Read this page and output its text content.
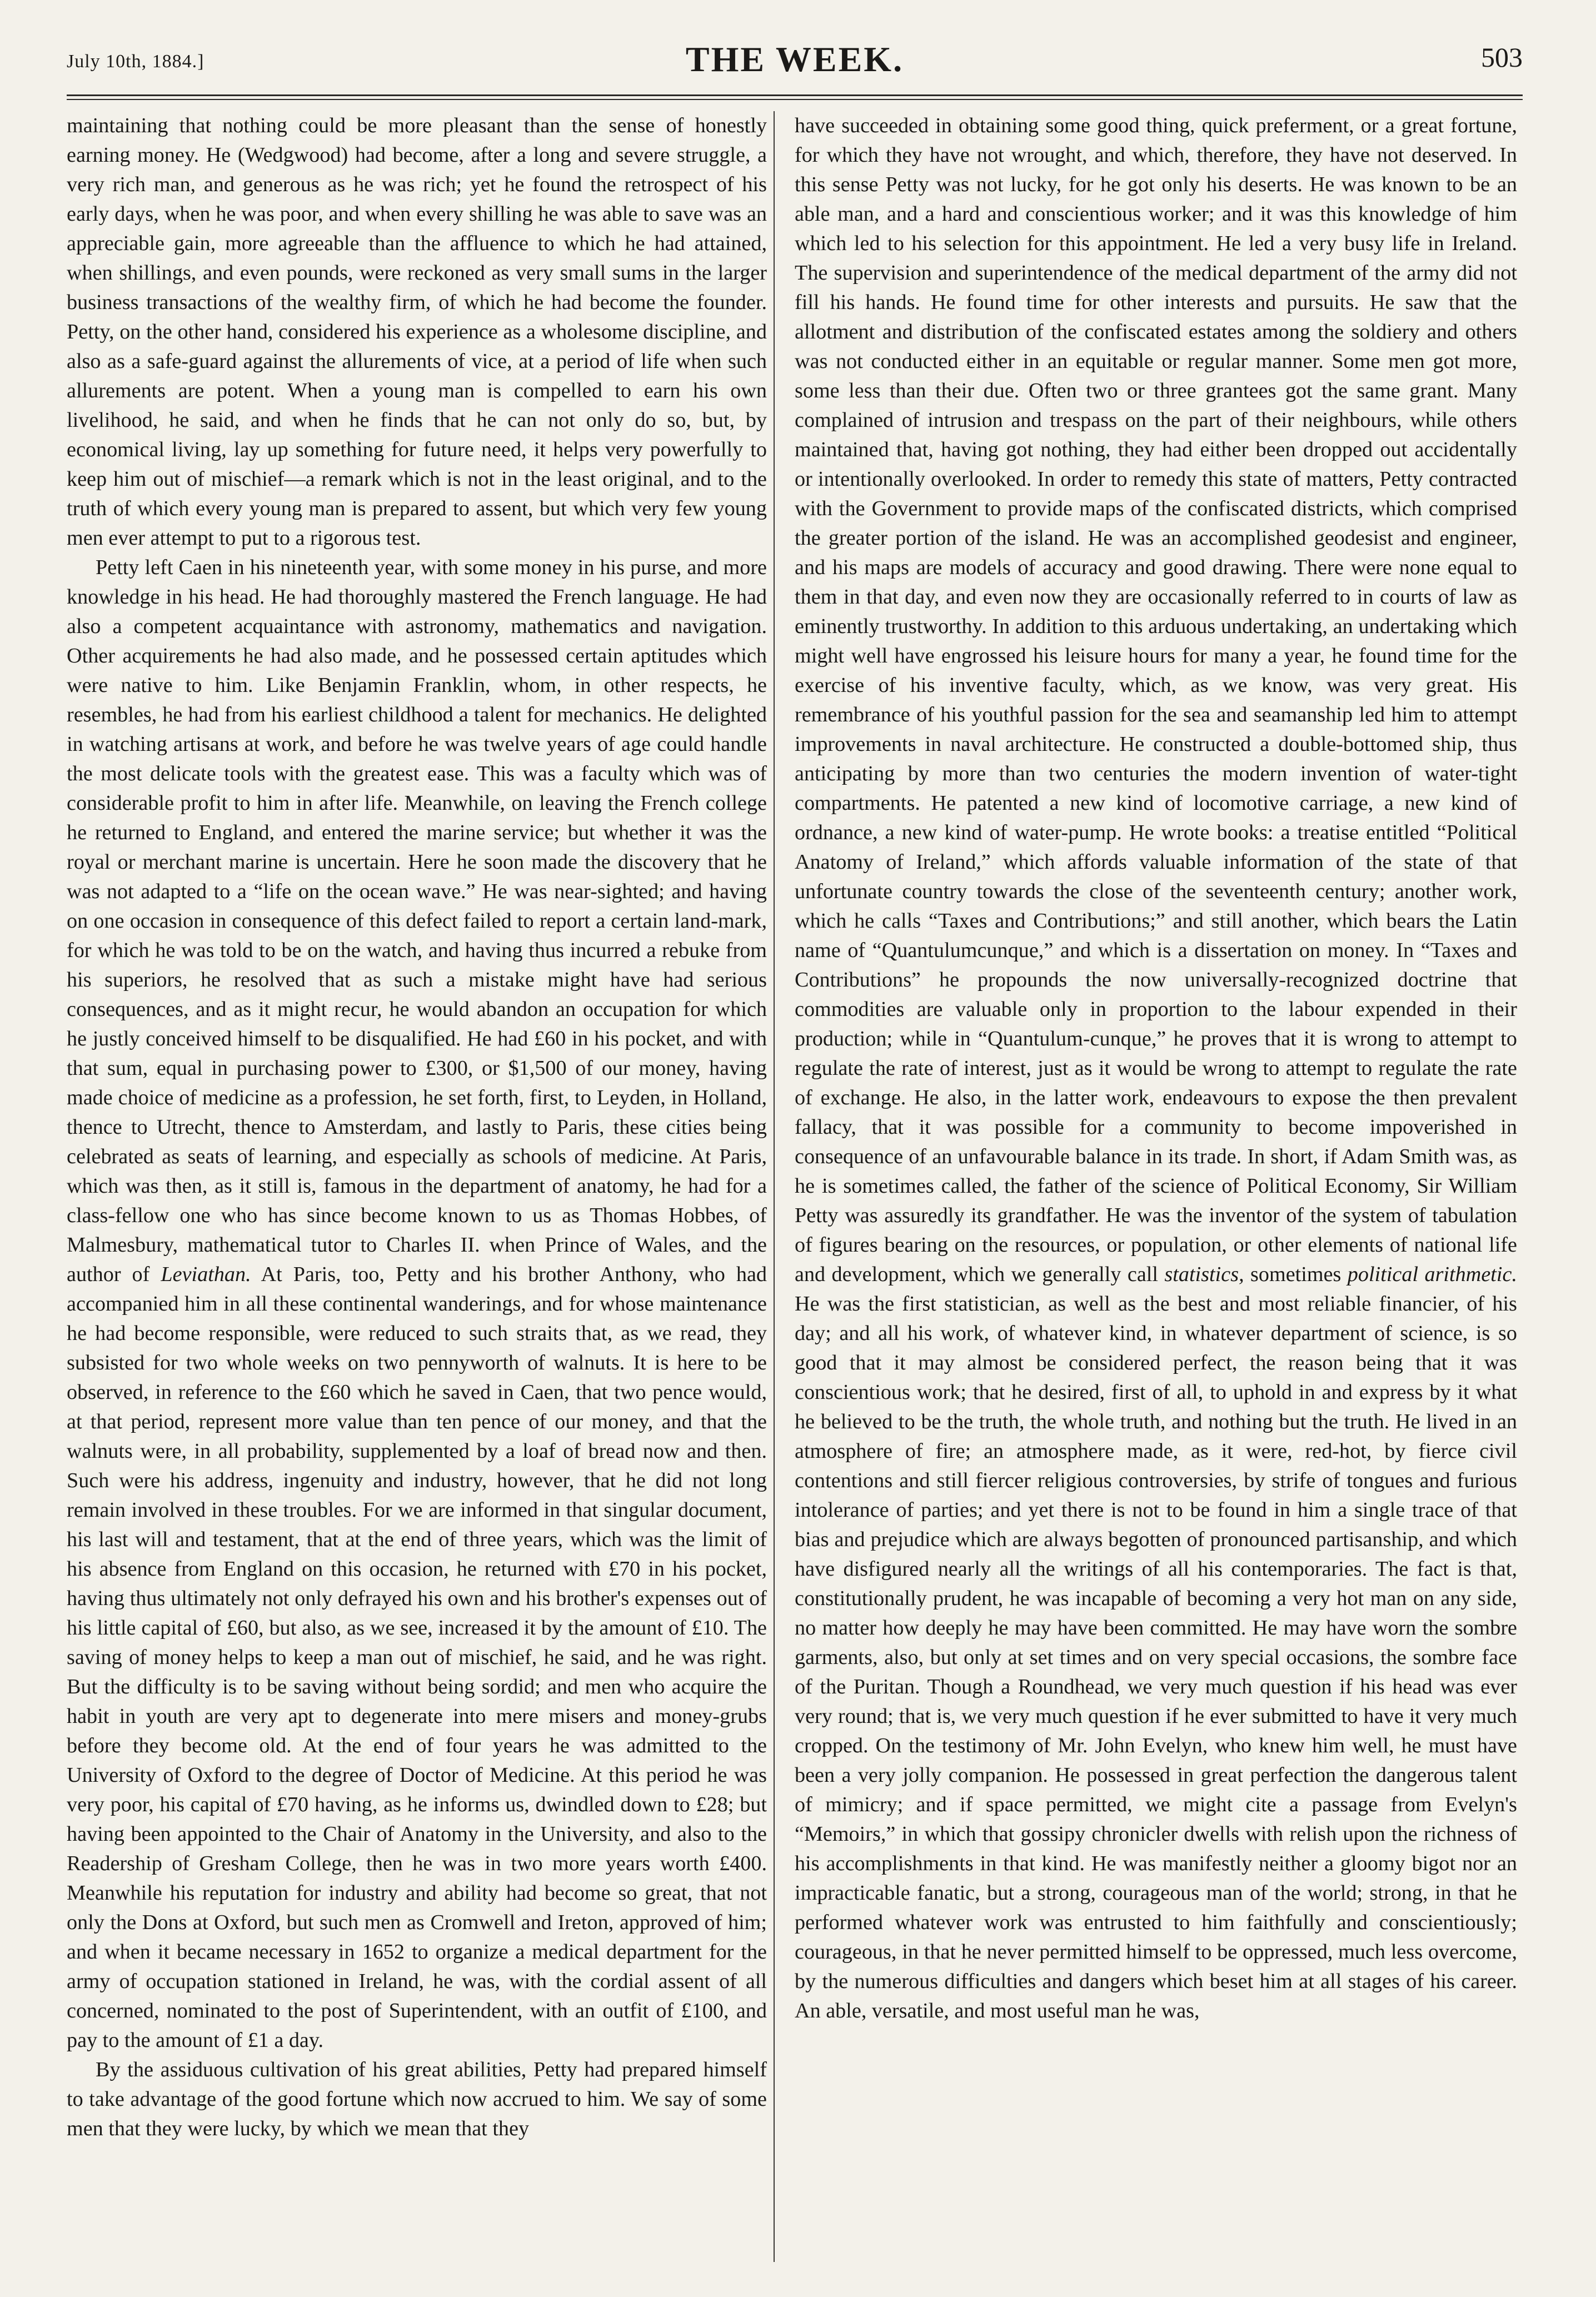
July 10th, 1884.]	THE WEEK.	503

maintaining that nothing could be more pleasant than the sense of honestly earning money. He (Wedgwood) had become, after a long and severe struggle, a very rich man, and generous as he was rich; yet he found the retrospect of his early days, when he was poor, and when every shilling he was able to save was an appreciable gain, more agreeable than the affluence to which he had attained, when shillings, and even pounds, were reckoned as very small sums in the larger business transactions of the wealthy firm, of which he had become the founder. Petty, on the other hand, considered his experience as a wholesome discipline, and also as a safe-guard against the allurements of vice, at a period of life when such allurements are potent. When a young man is compelled to earn his own livelihood, he said, and when he finds that he can not only do so, but, by economical living, lay up something for future need, it helps very powerfully to keep him out of mischief—a remark which is not in the least original, and to the truth of which every young man is prepared to assent, but which very few young men ever attempt to put to a rigorous test.

Petty left Caen in his nineteenth year, with some money in his purse, and more knowledge in his head. He had thoroughly mastered the French language. He had also a competent acquaintance with astronomy, mathematics and navigation. Other acquirements he had also made, and he possessed certain aptitudes which were native to him. Like Benjamin Franklin, whom, in other respects, he resembles, he had from his earliest childhood a talent for mechanics. He delighted in watching artisans at work, and before he was twelve years of age could handle the most delicate tools with the greatest ease. This was a faculty which was of considerable profit to him in after life. Meanwhile, on leaving the French college he returned to England, and entered the marine service; but whether it was the royal or merchant marine is uncertain. Here he soon made the discovery that he was not adapted to a “life on the ocean wave.” He was near-sighted; and having on one occasion in consequence of this defect failed to report a certain land-mark, for which he was told to be on the watch, and having thus incurred a rebuke from his superiors, he resolved that as such a mistake might have had serious consequences, and as it might recur, he would abandon an occupation for which he justly conceived himself to be disqualified. He had £60 in his pocket, and with that sum, equal in purchasing power to £300, or $1,500 of our money, having made choice of medicine as a profession, he set forth, first, to Leyden, in Holland, thence to Utrecht, thence to Amsterdam, and lastly to Paris, these cities being celebrated as seats of learning, and especially as schools of medicine. At Paris, which was then, as it still is, famous in the department of anatomy, he had for a class-fellow one who has since become known to us as Thomas Hobbes, of Malmesbury, mathematical tutor to Charles II. when Prince of Wales, and the author of Leviathan. At Paris, too, Petty and his brother Anthony, who had accompanied him in all these continental wanderings, and for whose maintenance he had become responsible, were reduced to such straits that, as we read, they subsisted for two whole weeks on two pennyworth of walnuts. It is here to be observed, in reference to the £60 which he saved in Caen, that two pence would, at that period, represent more value than ten pence of our money, and that the walnuts were, in all probability, supplemented by a loaf of bread now and then. Such were his address, ingenuity and industry, however, that he did not long remain involved in these troubles. For we are informed in that singular document, his last will and testament, that at the end of three years, which was the limit of his absence from England on this occasion, he returned with £70 in his pocket, having thus ultimately not only defrayed his own and his brother's expenses out of his little capital of £60, but also, as we see, increased it by the amount of £10. The saving of money helps to keep a man out of mischief, he said, and he was right. But the difficulty is to be saving without being sordid; and men who acquire the habit in youth are very apt to degenerate into mere misers and money-grubs before they become old. At the end of four years he was admitted to the University of Oxford to the degree of Doctor of Medicine. At this period he was very poor, his capital of £70 having, as he informs us, dwindled down to £28; but having been appointed to the Chair of Anatomy in the University, and also to the Readership of Gresham College, then he was in two more years worth £400. Meanwhile his reputation for industry and ability had become so great, that not only the Dons at Oxford, but such men as Cromwell and Ireton, approved of him; and when it became necessary in 1652 to organize a medical department for the army of occupation stationed in Ireland, he was, with the cordial assent of all concerned, nominated to the post of Superintendent, with an outfit of £100, and pay to the amount of £1 a day.

By the assiduous cultivation of his great abilities, Petty had prepared himself to take advantage of the good fortune which now accrued to him. We say of some men that they were lucky, by which we mean that they

have succeeded in obtaining some good thing, quick preferment, or a great fortune, for which they have not wrought, and which, therefore, they have not deserved. In this sense Petty was not lucky, for he got only his deserts. He was known to be an able man, and a hard and conscientious worker; and it was this knowledge of him which led to his selection for this appointment. He led a very busy life in Ireland. The supervision and superintendence of the medical department of the army did not fill his hands. He found time for other interests and pursuits. He saw that the allotment and distribution of the confiscated estates among the soldiery and others was not conducted either in an equitable or regular manner. Some men got more, some less than their due. Often two or three grantees got the same grant. Many complained of intrusion and trespass on the part of their neighbours, while others maintained that, having got nothing, they had either been dropped out accidentally or intentionally overlooked. In order to remedy this state of matters, Petty contracted with the Government to provide maps of the confiscated districts, which comprised the greater portion of the island. He was an accomplished geodesist and engineer, and his maps are models of accuracy and good drawing. There were none equal to them in that day, and even now they are occasionally referred to in courts of law as eminently trustworthy. In addition to this arduous undertaking, an undertaking which might well have engrossed his leisure hours for many a year, he found time for the exercise of his inventive faculty, which, as we know, was very great. His remembrance of his youthful passion for the sea and seamanship led him to attempt improvements in naval architecture. He constructed a double-bottomed ship, thus anticipating by more than two centuries the modern invention of water-tight compartments. He patented a new kind of locomotive carriage, a new kind of ordnance, a new kind of water-pump. He wrote books: a treatise entitled “Political Anatomy of Ireland,” which affords valuable information of the state of that unfortunate country towards the close of the seventeenth century; another work, which he calls “Taxes and Contributions;” and still another, which bears the Latin name of “Quantulumcunque,” and which is a dissertation on money. In “Taxes and Contributions” he propounds the now universally-recognized doctrine that commodities are valuable only in proportion to the labour expended in their production; while in “Quantulum-cunque,” he proves that it is wrong to attempt to regulate the rate of interest, just as it would be wrong to attempt to regulate the rate of exchange. He also, in the latter work, endeavours to expose the then prevalent fallacy, that it was possible for a community to become impoverished in consequence of an unfavourable balance in its trade. In short, if Adam Smith was, as he is sometimes called, the father of the science of Political Economy, Sir William Petty was assuredly its grandfather. He was the inventor of the system of tabulation of figures bearing on the resources, or population, or other elements of national life and development, which we generally call statistics, sometimes political arithmetic. He was the first statistician, as well as the best and most reliable financier, of his day; and all his work, of whatever kind, in whatever department of science, is so good that it may almost be considered perfect, the reason being that it was conscientious work; that he desired, first of all, to uphold in and express by it what he believed to be the truth, the whole truth, and nothing but the truth. He lived in an atmosphere of fire; an atmosphere made, as it were, red-hot, by fierce civil contentions and still fiercer religious controversies, by strife of tongues and furious intolerance of parties; and yet there is not to be found in him a single trace of that bias and prejudice which are always begotten of pronounced partisanship, and which have disfigured nearly all the writings of all his contemporaries. The fact is that, constitutionally prudent, he was incapable of becoming a very hot man on any side, no matter how deeply he may have been committed. He may have worn the sombre garments, also, but only at set times and on very special occasions, the sombre face of the Puritan. Though a Roundhead, we very much question if his head was ever very round; that is, we very much question if he ever submitted to have it very much cropped. On the testimony of Mr. John Evelyn, who knew him well, he must have been a very jolly companion. He possessed in great perfection the dangerous talent of mimicry; and if space permitted, we might cite a passage from Evelyn's “Memoirs,” in which that gossipy chronicler dwells with relish upon the richness of his accomplishments in that kind. He was manifestly neither a gloomy bigot nor an impracticable fanatic, but a strong, courageous man of the world; strong, in that he performed whatever work was entrusted to him faithfully and conscientiously; courageous, in that he never permitted himself to be oppressed, much less overcome, by the numerous difficulties and dangers which beset him at all stages of his career. An able, versatile, and most useful man he was,
